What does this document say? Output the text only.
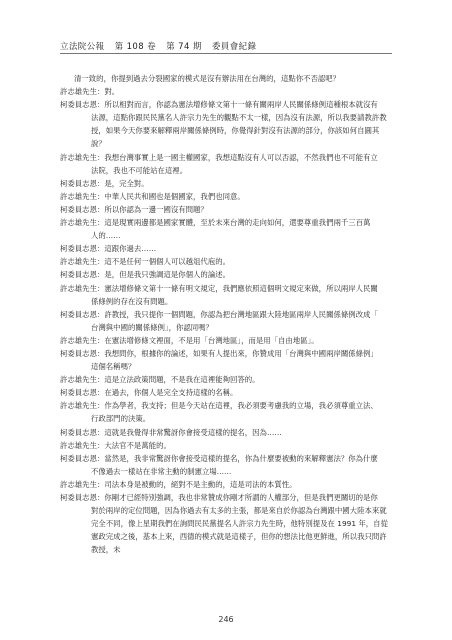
立法院公報 第 108 卷 第 74 期 委員會紀錄
清一致的，你提到過去分裂國家的模式是沒有辦法用在台灣的，這點你不否認吧？
許志雄先生：對。
柯委員志恩：所以相對而言，你認為憲法增修條文第十一條有關兩岸人民關係條例這種根本就沒有
法源，這點你跟民民黨名人許宗力先生的觀點不太一樣，因為沒有法源，所以我要請教許教授，如果今天你要來解釋兩岸關係條例時，你覺得針對沒有法源的部分，你該如何自圓其說？
許志雄先生：我想台灣事實上是一國主權國家，我想這點沒有人可以否認，不然我們也不可能有立
法院，我也不可能站在這裡。
柯委員志恩：是，完全對。
許志雄先生：中華人民共和國也是個國家，我們也同意。
柯委員志恩：所以你認為一邊一國沒有問題？
許志雄先生：這是現實兩邊都是國家實體，至於未來台灣的走向如何，還要尊重我們兩千三百萬
人的……
柯委員志恩：這跟你過去……
許志雄先生：這不是任何一個個人可以越俎代庖的。
柯委員志恩：是，但是我只強調這是你個人的論述。
許志雄先生：憲法增修條文第十一條有明文規定，我們應依照這個明文規定來做，所以兩岸人民關
係條例的存在沒有問題。
柯委員志恩：許教授，我只提你一個問題，你認為把台灣地區跟大陸地區兩岸人民關係條例改成「
台灣與中國的關係條例」，你認同嗎？
許志雄先生：在憲法增修條文裡面，不是用「台灣地區」，而是用「自由地區」。
柯委員志恩：我想問你，根據你的論述，如果有人提出來，你贊成用「台灣與中國兩岸關係條例」
這個名稱嗎？
許志雄先生：這是立法政策問題，不是我在這裡能夠回答的。
柯委員志恩：在過去，你個人是完全支持這樣的名稱。
許志雄先生：作為學者，我支持；但是今天站在這裡，我必須要考慮我的立場，我必須尊重立法、
行政部門的決策。
柯委員志恩：這就是我覺得非常驚訝你會接受這樣的提名，因為……
許志雄先生：大法官不是萬能的。
柯委員志恩：當然是，我非常驚訝你會接受這樣的提名，你為什麼要被動的來解釋憲法？你為什麼
不像過去一樣站在非常主動的制憲立場……
許志雄先生：司法本身是被動的，絕對不是主動的，這是司法的本質性。
柯委員志恩：你剛才已經特別強調，我也非常贊成你剛才所謂的人權部分，但是我們更關切的是你
對於兩岸的定位問題，因為你過去有太多的主張，都是來自於你認為台灣跟中國大陸本來就完全不同，像上星期我們在詢問民民黨提名人許宗力先生時，他特別提及在 1991 年，自從憲政完成之後，基本上來，西德的模式就是這樣子，但你的想法比他更鮮進，所以我只問許教授，未
246
